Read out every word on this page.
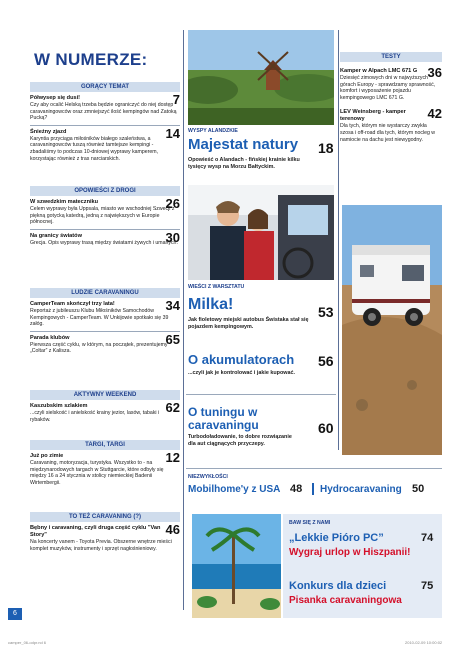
W NUMERZE:
GORĄCY TEMAT
7
Półwysep się dusi!
Czy aby ocalić Helską trzeba będzie ograniczyć do niej dostęp caravaningowców oraz zmniejszyć ilość kempingów nad Zatoką Pucką?
14
Śnieżny zjazd
Karyntia przyciąga miłośników białego szaleństwa, a caravaningowców tuszą również tamtejsze kempingi - zbadaliśmy to podczas 10-dniowej wyprawy kamperem, korzystając również z tras narciarskich.
OPOWIEŚCI Z DROGI
26
W szwedzkim mateczniku
Celem wyprawy była Uppsala, miasto we wschodniej Szwecji z piękną gotycką katedrą, jedną z największych w Europie północnej.
30
Na granicy światów
Grecja. Opis wyprawy trasą między światami żywych i umarłych.
LUDZIE CARAVANINGU
34
CamperTeam skończył trzy lata!
Reportaż z jubileuszu Klubu Miłośników Samochodów Kempingowych - CamperTeam. W Unkijowie spotkało się 39 załóg.
65
Parada klubów
Pierwsza część cyklu, w którym, na początek, prezentujemy „Coltar” z Kalisza.
AKTYWNY WEEKEND
62
Kaszubskim szlakiem
...czyli sielskość i anielskość krainy jezior, lasów, tabaki i rybaków.
TARGI, TARGI
12
Już po zimie
Caravaning, motoryzacja, turystyka. Wszystko to - na międzynarodowych targach w Stuttgarcie, które odbyły się między 16 a 24 stycznia w stolicy niemieckiej Badenii Wirtembergii.
TO TEŻ CARAVANING (?)
46
Bębny i caravaning, czyli druga część cyklu "Van Story"
Na koncerty vanem - Toyota Previa. Obszerne wnętrze mieści komplet muzyków, instrumenty i sprzęt nagłośnieniowy.
WYSPY ALANDZKIE
Majestat natury 18
Opowieść o Alandach - fińskiej krainie kilku tysięcy wysp na Morzu Bałtyckim.
WIEŚCI Z WARSZTATU
Milka!	53
Jak fioletowy miejski autobus Świstaka stał się pojazdem kempingowym.
O akumulatorach 56
...czyli jak je kontrolować i jakie kupować.
O tuningu w caravaningu	60
Turbodoładowanie, to dobre rozwiązanie dla aut ciągnących przyczepy.
NIEZWYKŁOŚCI
Mobilhome'y z USA 48 Hydrocaravaning 50
TESTY
36
Kamper w Alpach LMC 671 G
Dziesięć zimowych dni w najwyższych górach Europy - sprawdzamy sprawność, komfort i wyposażenie pojazdu kempingowego LMC 671 G.
42
LEV Weinsberg - kamper terenowy
Dla tych, którym nie wystarczy zwykła szosa i off-road dla tych, którym nocleg w namiocie na dachu jest niewygodny.
BAW SIĘ Z NAMI
„Lekkie Pióro PC”	74
Wygraj urlop w Hiszpanii!
Konkurs dla dzieci	75
Pisanka caravaningowa
6
camper_06-odpr.nd 6	2010-02-09 10:00:02
